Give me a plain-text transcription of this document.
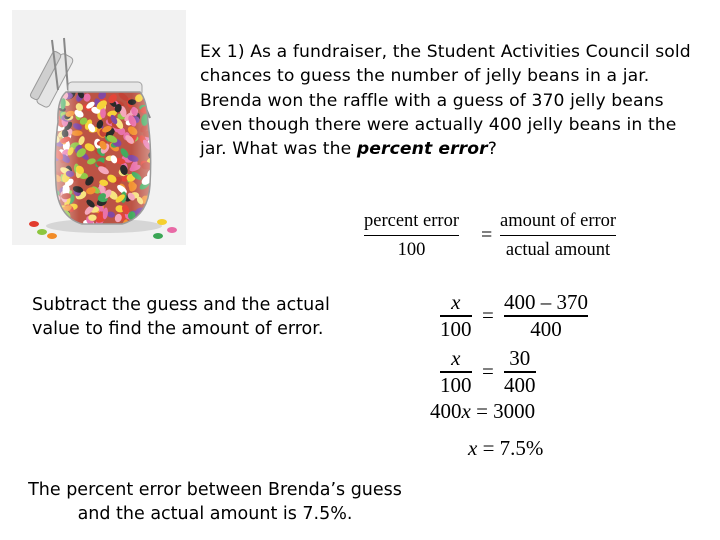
Ex 1) As a fundraiser, the Student Activities Council sold chances to guess the number of jelly beans in a jar. Brenda won the raffle with a guess of 370 jelly beans even though there were actually 400 jelly beans in the jar. What was the percent error?
percent error
100
=
amount of error
actual amount
x
100
=
400 – 370
400
x
100
=
30
400
400x = 3000
x = 7.5%
Subtract the guess and the actual value to find the amount of error.
The percent error between Brenda’s guess and the actual amount is 7.5%.
